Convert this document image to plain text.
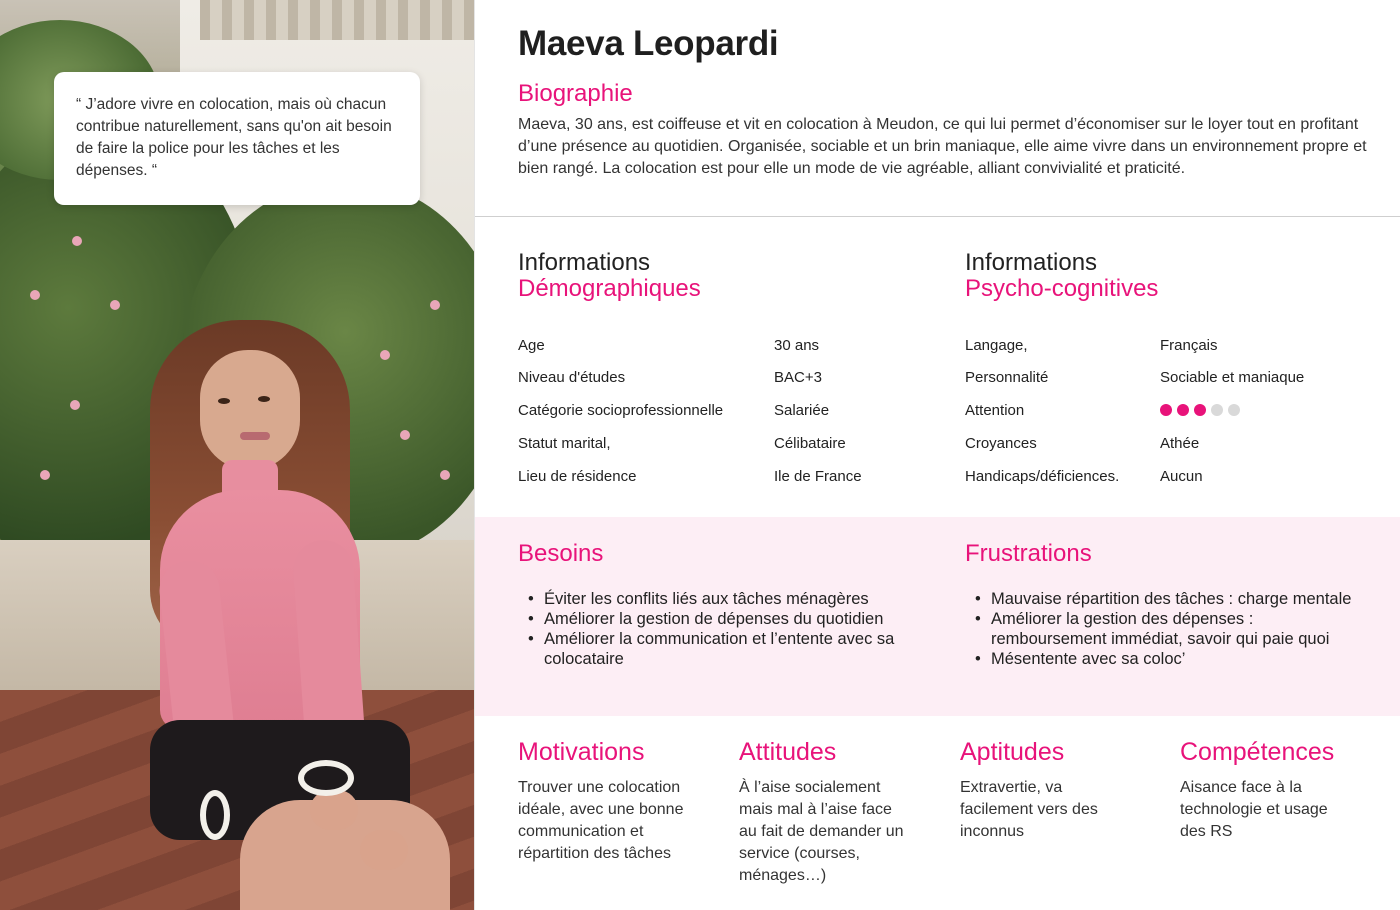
“ J’adore vivre en colocation, mais où chacun contribue naturellement, sans qu'on ait besoin de faire la police pour les tâches et les dépenses. “
Maeva Leopardi
Biographie
Maeva, 30 ans, est coiffeuse et vit en colocation à Meudon, ce qui lui permet d’économiser sur le loyer tout en profitant d’une présence au quotidien. Organisée, sociable et un brin maniaque, elle aime vivre dans un environnement propre et bien rangé. La colocation est pour elle un mode de vie agréable, alliant convivialité et praticité.
Informations
Démographiques
Age	30 ans
Niveau d'études	BAC+3
Catégorie socioprofessionnelle	Salariée
Statut marital,	Célibataire
Lieu de résidence	Ile de France
Informations
Psycho-cognitives
Langage,	Français
Personnalité	Sociable et maniaque
Attention
Croyances	Athée
Handicaps/déficiences.	Aucun
Besoins
• Éviter les conflits liés aux tâches ménagères
• Améliorer la gestion de dépenses du quotidien
• Améliorer la communication et l’entente avec sa colocataire
Frustrations
• Mauvaise répartition des tâches : charge mentale
• Améliorer la gestion des dépenses : remboursement immédiat, savoir qui paie quoi
• Mésentente avec sa coloc’
Motivations
Trouver une colocation idéale, avec une bonne communication et répartition des tâches
Attitudes
À l’aise socialement mais mal à l’aise face au fait de demander un service (courses, ménages…)
Aptitudes
Extravertie, va facilement vers des inconnus
Compétences
Aisance face à la technologie et usage des RS
